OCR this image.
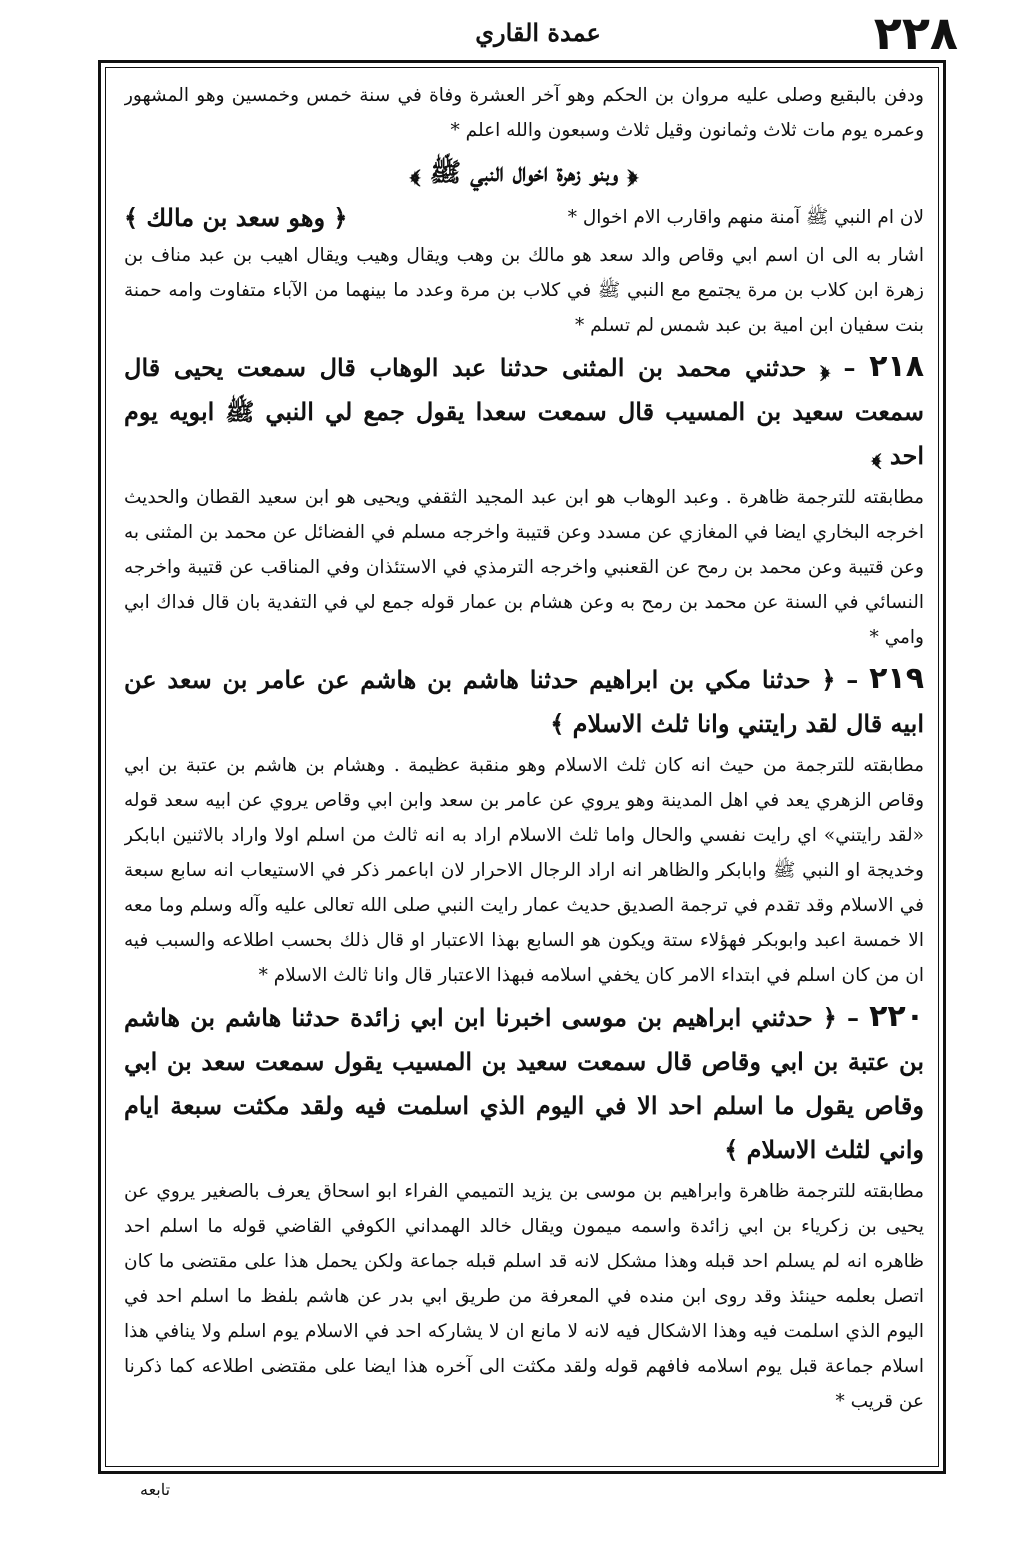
٢٢٨
عمدة القاري

ودفن بالبقيع وصلى عليه مروان بن الحكم وهو آخر العشرة وفاة في سنة خمس وخمسين وهو المشهور وعمره يوم مات ثلاث وثمانون وقيل ثلاث وسبعون والله اعلم *

﴿ وبنو زهرة اخوال النبي ﷺ ﴾

لان ام النبي ﷺ آمنة منهم واقارب الام اخوال *
﴿ وهو سعد بن مالك ﴾

اشار به الى ان اسم ابي وقاص والد سعد هو مالك بن وهب ويقال وهيب ويقال اهيب بن عبد مناف بن زهرة ابن كلاب بن مرة يجتمع مع النبي ﷺ في كلاب بن مرة وعدد ما بينهما من الآباء متفاوت وامه حمنة بنت سفيان ابن امية بن عبد شمس لم تسلم *

٢١٨ – ﴿ حدثني محمد بن المثنى حدثنا عبد الوهاب قال سمعت يحيى قال سمعت سعيد بن المسيب قال سمعت سعدا يقول جمع لي النبي ﷺ ابويه يوم احد ﴾

مطابقته للترجمة ظاهرة . وعبد الوهاب هو ابن عبد المجيد الثقفي ويحيى هو ابن سعيد القطان والحديث اخرجه البخاري ايضا في المغازي عن مسدد وعن قتيبة واخرجه مسلم في الفضائل عن محمد بن المثنى به وعن قتيبة وعن محمد بن رمح عن القعنبي واخرجه الترمذي في الاستئذان وفي المناقب عن قتيبة واخرجه النسائي في السنة عن محمد بن رمح به وعن هشام بن عمار قوله جمع لي في التفدية بان قال فداك ابي وامي *

٢١٩ – ﴿ حدثنا مكي بن ابراهيم حدثنا هاشم بن هاشم عن عامر بن سعد عن ابيه قال لقد رايتني وانا ثلث الاسلام ﴾

مطابقته للترجمة من حيث انه كان ثلث الاسلام وهو منقبة عظيمة . وهشام بن هاشم بن عتبة بن ابي وقاص الزهري يعد في اهل المدينة وهو يروي عن عامر بن سعد وابن ابي وقاص يروي عن ابيه سعد قوله «لقد رايتني» اي رايت نفسي والحال واما ثلث الاسلام اراد به انه ثالث من اسلم اولا واراد بالاثنين ابابكر وخديجة او النبي ﷺ وابابكر والظاهر انه اراد الرجال الاحرار لان اباعمر ذكر في الاستيعاب انه سابع سبعة في الاسلام وقد تقدم في ترجمة الصديق حديث عمار رايت النبي صلى الله تعالى عليه وآله وسلم وما معه الا خمسة اعبد وابوبكر فهؤلاء ستة ويكون هو السابع بهذا الاعتبار او قال ذلك بحسب اطلاعه والسبب فيه ان من كان اسلم في ابتداء الامر كان يخفي اسلامه فبهذا الاعتبار قال وانا ثالث الاسلام *

٢٢٠ – ﴿ حدثني ابراهيم بن موسى اخبرنا ابن ابي زائدة حدثنا هاشم بن هاشم بن عتبة بن ابي وقاص قال سمعت سعيد بن المسيب يقول سمعت سعد بن ابي وقاص يقول ما اسلم احد الا في اليوم الذي اسلمت فيه ولقد مكثت سبعة ايام واني لثلث الاسلام ﴾

مطابقته للترجمة ظاهرة وابراهيم بن موسى بن يزيد التميمي الفراء ابو اسحاق يعرف بالصغير يروي عن يحيى بن زكرياء بن ابي زائدة واسمه ميمون ويقال خالد الهمداني الكوفي القاضي قوله ما اسلم احد ظاهره انه لم يسلم احد قبله وهذا مشكل لانه قد اسلم قبله جماعة ولكن يحمل هذا على مقتضى ما كان اتصل بعلمه حينئذ وقد روى ابن منده في المعرفة من طريق ابي بدر عن هاشم بلفظ ما اسلم احد في اليوم الذي اسلمت فيه وهذا الاشكال فيه لانه لا مانع ان لا يشاركه احد في الاسلام يوم اسلم ولا ينافي هذا اسلام جماعة قبل يوم اسلامه فافهم قوله ولقد مكثت الى آخره هذا ايضا على مقتضى اطلاعه كما ذكرنا عن قريب *

تابعه
